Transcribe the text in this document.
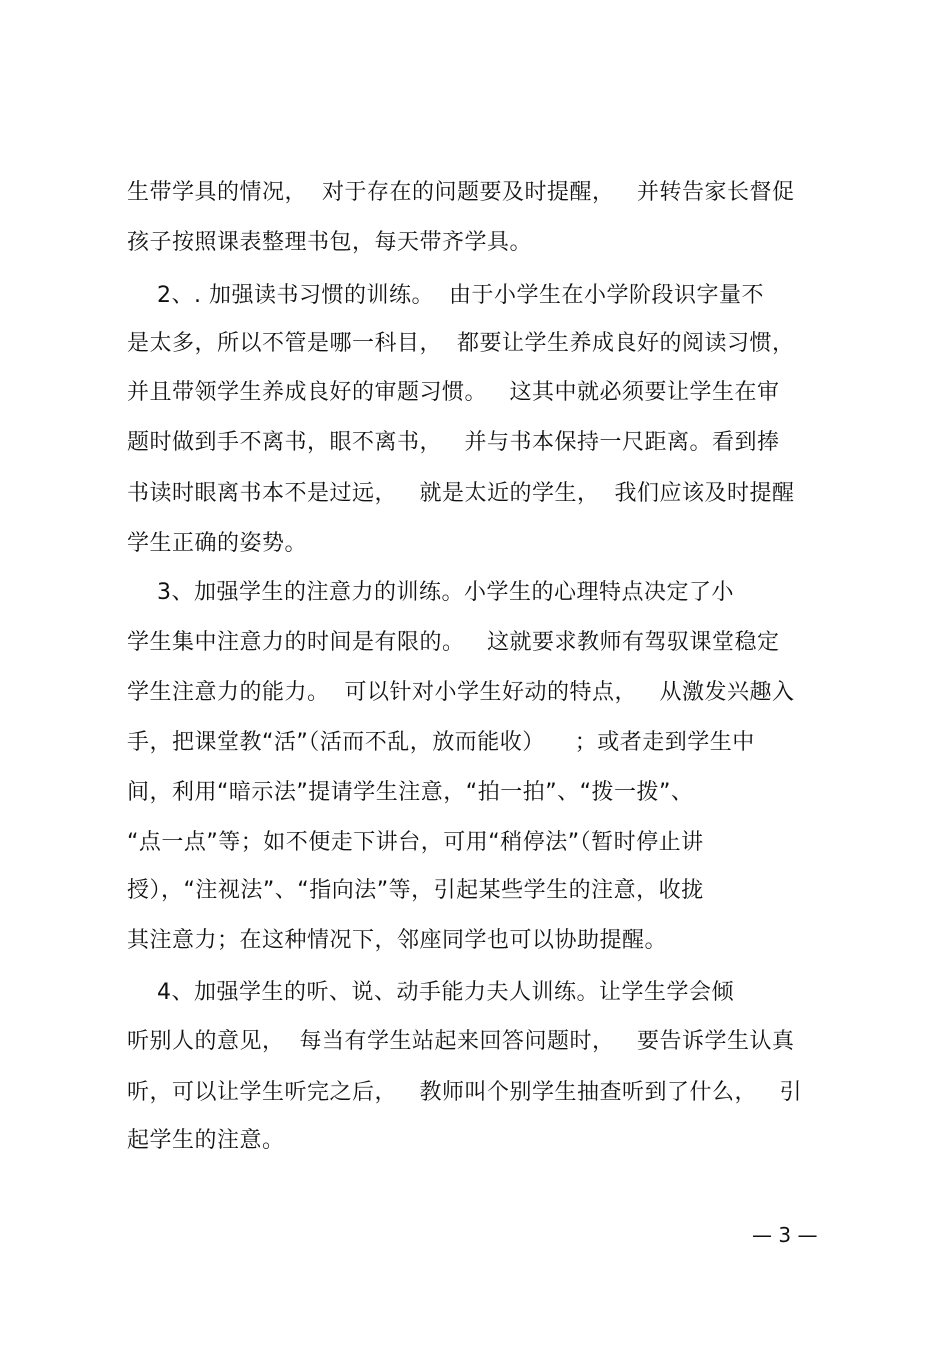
生带学具的情况，  对于存在的问题要及时提醒，   并转告家长督促
孩子按照课表整理书包，每天带齐学具。
2、. 加强读书习惯的训练。  由于小学生在小学阶段识字量不
是太多，所以不管是哪一科目，  都要让学生养成良好的阅读习惯，
并且带领学生养成良好的审题习惯。   这其中就必须要让学生在审
题时做到手不离书，眼不离书，   并与书本保持一尺距离。看到捧
书读时眼离书本不是过远，   就是太近的学生，  我们应该及时提醒
学生正确的姿势。
3、加强学生的注意力的训练。小学生的心理特点决定了小
学生集中注意力的时间是有限的。   这就要求教师有驾驭课堂稳定
学生注意力的能力。  可以针对小学生好动的特点，   从激发兴趣入
手，把课堂教“活”（活而不乱，放而能收）    ；或者走到学生中
间，利用“暗示法”提请学生注意，“拍一拍”、“拨一拨”、
“点一点”等；如不便走下讲台，可用“稍停法”（暂时停止讲
授），“注视法”、“指向法”等，引起某些学生的注意，收拢
其注意力；在这种情况下，邻座同学也可以协助提醒。
4、加强学生的听、说、动手能力夫人训练。让学生学会倾
听别人的意见，  每当有学生站起来回答问题时，   要告诉学生认真
听，可以让学生听完之后，   教师叫个别学生抽查听到了什么，   引
起学生的注意。
— 3 —
